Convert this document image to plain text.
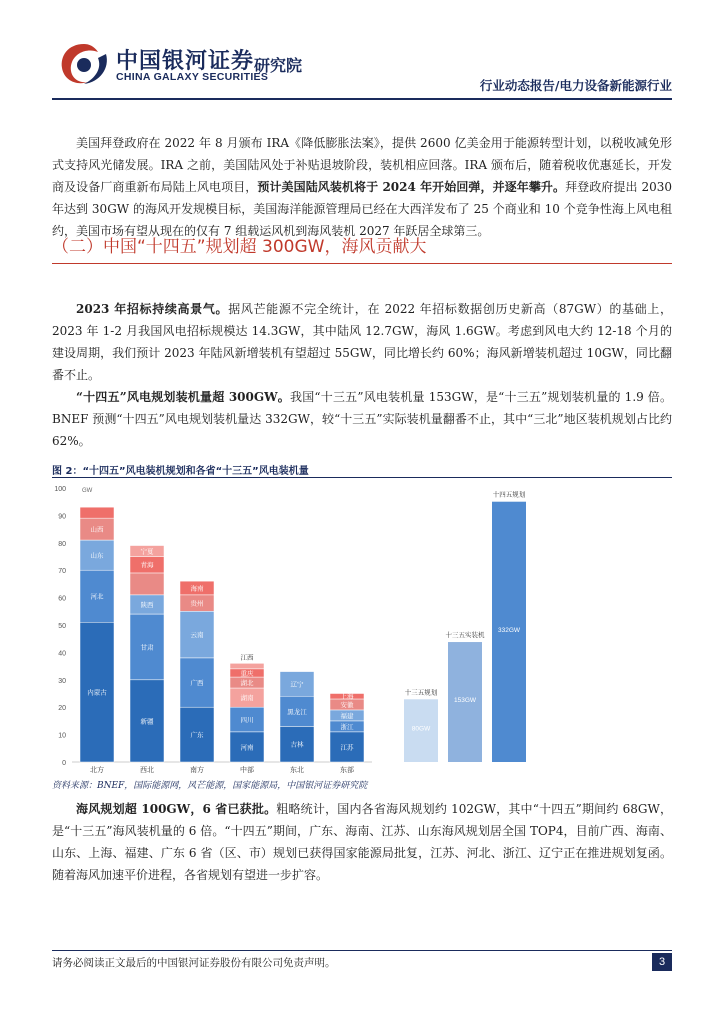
中国银河证券
CHINA GALAXY SECURITIES
研究院
行业动态报告/电力设备新能源行业
美国拜登政府在 2022 年 8 月颁布 IRA《降低膨胀法案》，提供 2600 亿美金用于能源转型计划，以税收减免形式支持风光储发展。IRA 之前，美国陆风处于补贴退坡阶段，装机相应回落。IRA 颁布后，随着税收优惠延长，开发商及设备厂商重新布局陆上风电项目，预计美国陆风装机将于 2024 年开始回弹，并逐年攀升。拜登政府提出 2030 年达到 30GW 的海风开发规模目标，美国海洋能源管理局已经在大西洋发布了 25 个商业和 10 个竞争性海上风电租约，美国市场有望从现在的仅有 7 组载运风机到海风装机 2027 年跃居全球第三。
（二）中国“十四五”规划超 300GW，海风贡献大
2023 年招标持续高景气。据风芒能源不完全统计，在 2022 年招标数据创历史新高（87GW）的基础上，2023 年 1-2 月我国风电招标规模达 14.3GW，其中陆风 12.7GW，海风 1.6GW。考虑到风电大约 12-18 个月的建设周期，我们预计 2023 年陆风新增装机有望超过 55GW，同比增长约 60%；海风新增装机超过 10GW，同比翻番不止。
“十四五”风电规划装机量超 300GW。我国“十三五”风电装机量 153GW，是“十三五”规划装机量的 1.9 倍。BNEF 预测“十四五”风电规划装机量达 332GW，较“十三五”实际装机量翻番不止，其中“三北”地区装机规划占比约 62%。
图 2：“十四五”风电装机规划和各省“十三五”风电装机量
0
10
20
30
40
50
60
70
80
90
100	GW
内蒙古
河北
山东
山西
北方
新疆
甘肃
陕西
青海
宁夏
西北
广东
广西
云南
贵州
海南
南方
河南
四川
湖南
湖北
重庆
江西
中部
吉林
黑龙江
辽宁
东北
江苏
浙江
福建
安徽
上海
东部
十三五规划
80GW
十三五实装机
153GW
十四五规划
332GW
资料来源：BNEF，国际能源网，风芒能源，国家能源局，中国银河证券研究院
海风规划超 100GW，6 省已获批。粗略统计，国内各省海风规划约 102GW，其中“十四五”期间约 68GW，是“十三五”海风装机量的 6 倍。“十四五”期间，广东、海南、江苏、山东海风规划居全国 TOP4，目前广西、海南、山东、上海、福建、广东 6 省（区、市）规划已获得国家能源局批复，江苏、河北、浙江、辽宁正在推进规划复函。随着海风加速平价进程，各省规划有望进一步扩容。
请务必阅读正文最后的中国银河证券股份有限公司免责声明。	3
